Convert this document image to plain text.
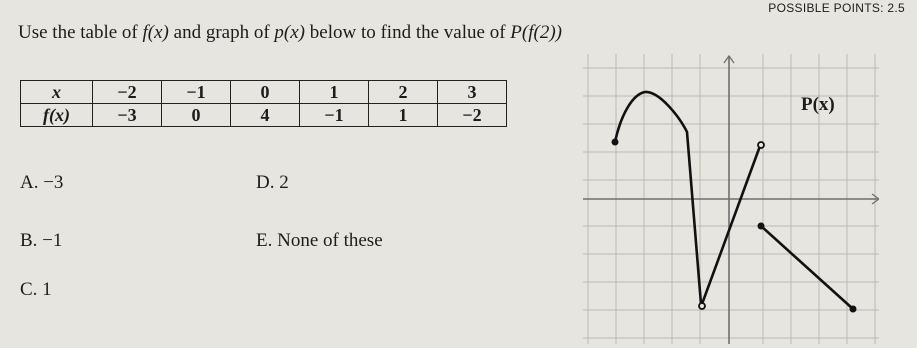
POSSIBLE POINTS: 2.5
Use the table of f(x) and graph of p(x) below to find the value of P(f(2))
x	−2	−1	0	1	2	3
f(x)	−3	0	4	−1	1	−2
A. −3	D. 2
B. −1	E. None of these
C. 1
P(x)
